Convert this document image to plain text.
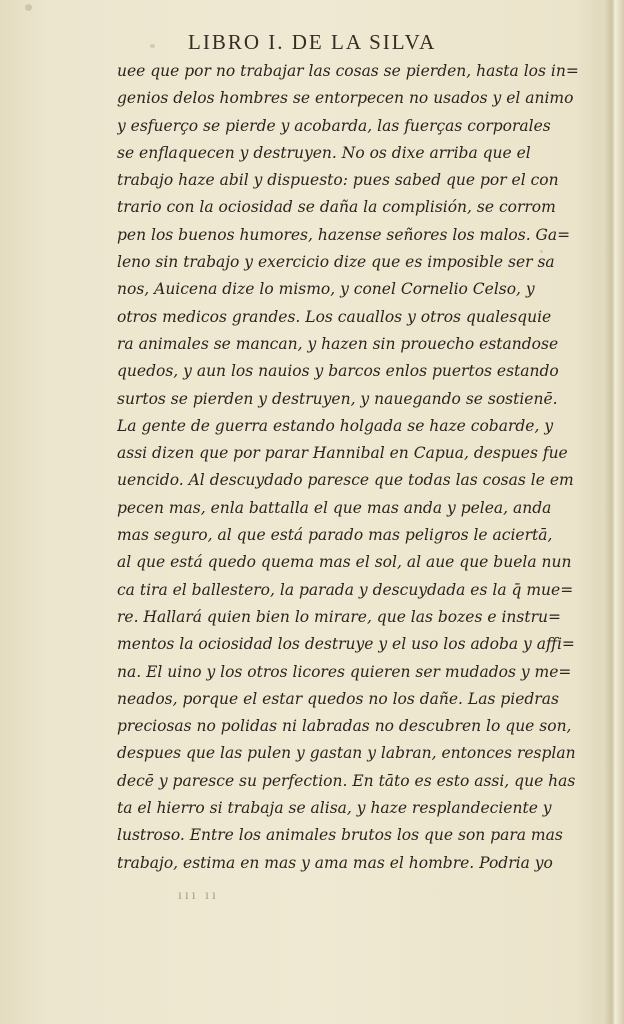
LIBRO I. DE LA SILVA
uee que por no trabajar las cosas se pierden, hasta los in=
genios delos hombres se entorpecen no usados y el animo
y esfuerço se pierde y acobarda, las fuerças corporales
se enflaquecen y destruyen. No os dixe arriba que el
trabajo haze abil y dispuesto: pues sabed que por el con
trario con la ociosidad se daña la complisión, se corrom
pen los buenos humores, hazense señores los malos. Ga=
leno sin trabajo y exercicio dize que es imposible ser sa
nos, Auicena dize lo mismo, y conel Cornelio Celso, y
otros medicos grandes. Los cauallos y otros qualesquie
ra animales se mancan, y hazen sin prouecho estandose
quedos, y aun los nauios y barcos enlos puertos estando
surtos se pierden y destruyen, y nauegando se sostienē.
La gente de guerra estando holgada se haze cobarde, y
assi dizen que por parar Hannibal en Capua, despues fue
uencido. Al descuydado paresce que todas las cosas le em
pecen mas, enla battalla el que mas anda y pelea, anda
mas seguro, al que está parado mas peligros le aciertā,
al que está quedo quema mas el sol, al aue que buela nun
ca tira el ballestero, la parada y descuydada es la q̄ mue=
re. Hallará quien bien lo mirare, que las bozes e instru=
mentos la ociosidad los destruye y el uso los adoba y affi=
na. El uino y los otros licores quieren ser mudados y me=
neados, porque el estar quedos no los dañe. Las piedras
preciosas no polidas ni labradas no descubren lo que son,
despues que las pulen y gastan y labran, entonces resplan
decē y paresce su perfection. En tāto es esto assi, que has
ta el hierro si trabaja se alisa, y haze resplandeciente y
lustroso. Entre los animales brutos los que son para mas
trabajo, estima en mas y ama mas el hombre. Podria yo
ııı ıı
